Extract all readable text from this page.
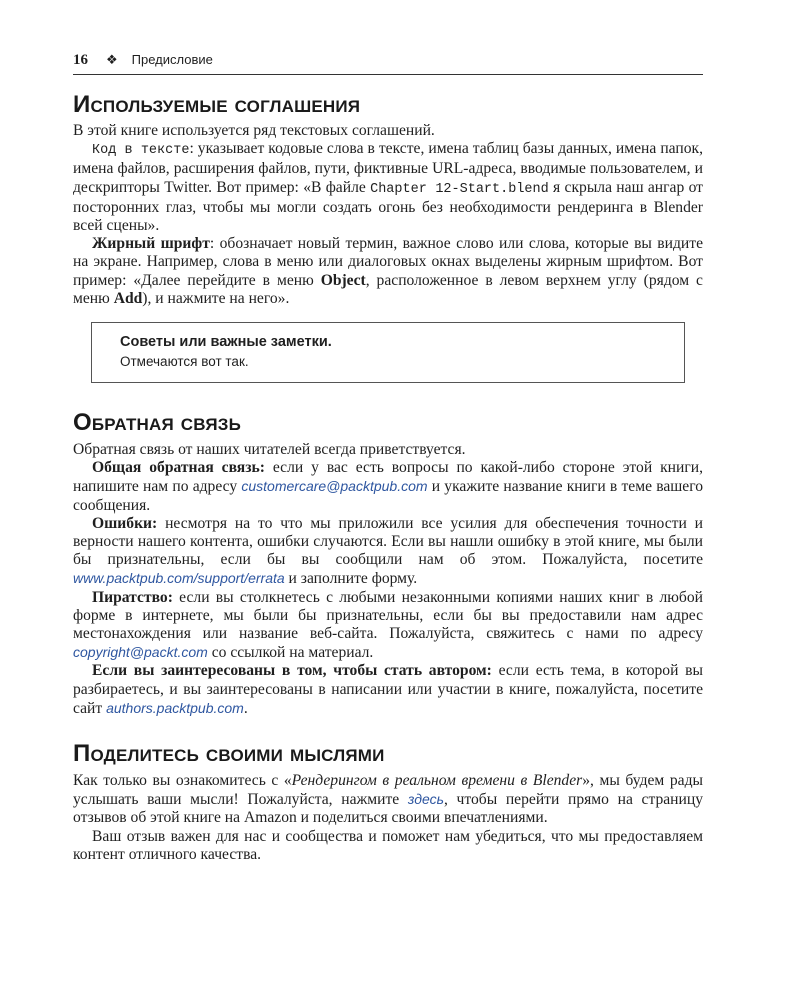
16 ❖ Предисловие
Используемые соглашения

В этой книге используется ряд текстовых соглашений.

Код в тексте: указывает кодовые слова в тексте, имена таблиц базы данных, имена папок, имена файлов, расширения файлов, пути, фиктивные URL-адреса, вводимые пользователем, и дескрипторы Twitter. Вот пример: «В файле Chapter 12-Start.blend я скрыла наш ангар от посторонних глаз, чтобы мы могли создать огонь без необходимости рендеринга в Blender всей сцены».

Жирный шрифт: обозначает новый термин, важное слово или слова, которые вы видите на экране. Например, слова в меню или диалоговых окнах выделены жирным шрифтом. Вот пример: «Далее перейдите в меню Object, расположенное в левом верхнем углу (рядом с меню Add), и нажмите на него».

Советы или важные заметки.
Отмечаются вот так.
Обратная связь

Обратная связь от наших читателей всегда приветствуется.

Общая обратная связь: если у вас есть вопросы по какой-либо стороне этой книги, напишите нам по адресу customercare@packtpub.com и укажите название книги в теме вашего сообщения.

Ошибки: несмотря на то что мы приложили все усилия для обеспечения точности и верности нашего контента, ошибки случаются. Если вы нашли ошибку в этой книге, мы были бы признательны, если бы вы сообщили нам об этом. Пожалуйста, посетите www.packtpub.com/support/errata и заполните форму.

Пиратство: если вы столкнетесь с любыми незаконными копиями наших книг в любой форме в интернете, мы были бы признательны, если бы вы предоставили нам адрес местонахождения или название веб-сайта. Пожалуйста, свяжитесь с нами по адресу copyright@packt.com со ссылкой на материал.

Если вы заинтересованы в том, чтобы стать автором: если есть тема, в которой вы разбираетесь, и вы заинтересованы в написании или участии в книге, пожалуйста, посетите сайт authors.packtpub.com.

Поделитесь своими мыслями

Как только вы ознакомитесь с «Рендерингом в реальном времени в Blender», мы будем рады услышать ваши мысли! Пожалуйста, нажмите здесь, чтобы перейти прямо на страницу отзывов об этой книге на Amazon и поделиться своими впечатлениями.

Ваш отзыв важен для нас и сообщества и поможет нам убедиться, что мы предоставляем контент отличного качества.
